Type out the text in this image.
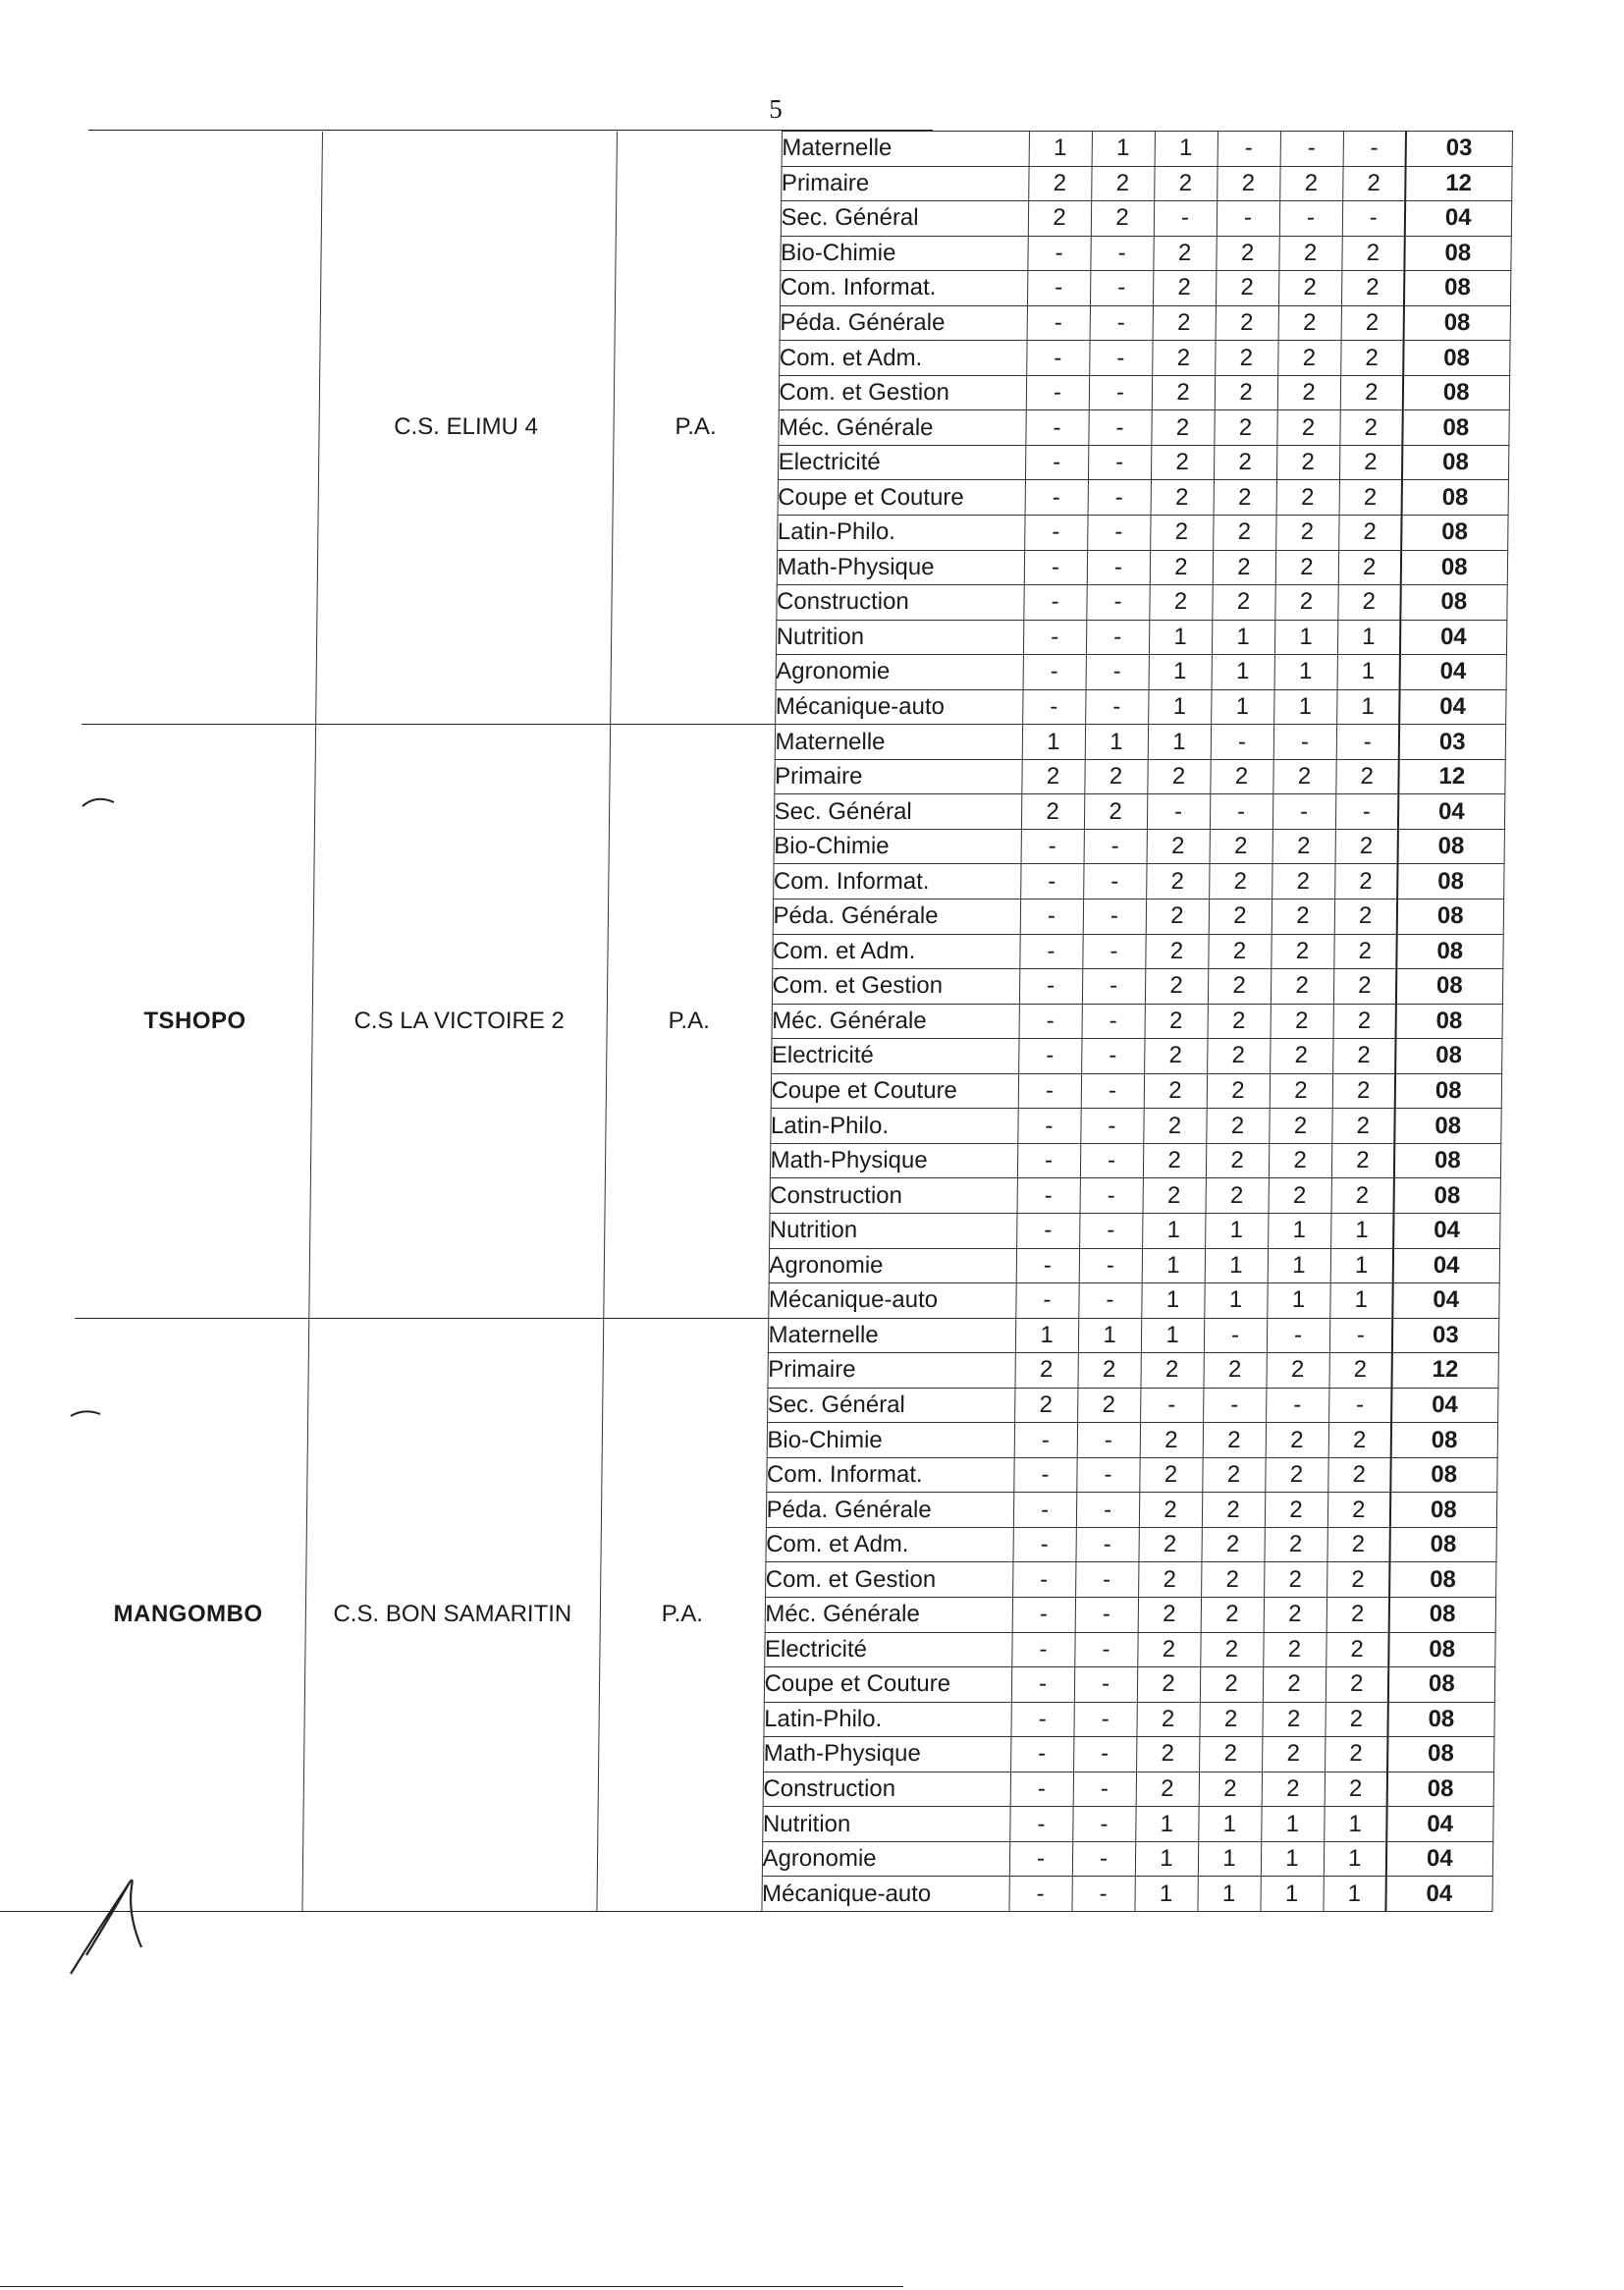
5
	C.S. ELIMU 4	P.A.	Maternelle	1	1	1	-	-	-	03
			Primaire	2	2	2	2	2	2	12
			Sec. Général	2	2	-	-	-	-	04
			Bio-Chimie	-	-	2	2	2	2	08
			Com. Informat.	-	-	2	2	2	2	08
			Péda. Générale	-	-	2	2	2	2	08
			Com. et Adm.	-	-	2	2	2	2	08
			Com. et Gestion	-	-	2	2	2	2	08
			Méc. Générale	-	-	2	2	2	2	08
			Electricité	-	-	2	2	2	2	08
			Coupe et Couture	-	-	2	2	2	2	08
			Latin-Philo.	-	-	2	2	2	2	08
			Math-Physique	-	-	2	2	2	2	08
			Construction	-	-	2	2	2	2	08
			Nutrition	-	-	1	1	1	1	04
			Agronomie	-	-	1	1	1	1	04
			Mécanique-auto	-	-	1	1	1	1	04
TSHOPO	C.S LA VICTOIRE 2	P.A.	Maternelle	1	1	1	-	-	-	03
			Primaire	2	2	2	2	2	2	12
			Sec. Général	2	2	-	-	-	-	04
			Bio-Chimie	-	-	2	2	2	2	08
			Com. Informat.	-	-	2	2	2	2	08
			Péda. Générale	-	-	2	2	2	2	08
			Com. et Adm.	-	-	2	2	2	2	08
			Com. et Gestion	-	-	2	2	2	2	08
			Méc. Générale	-	-	2	2	2	2	08
			Electricité	-	-	2	2	2	2	08
			Coupe et Couture	-	-	2	2	2	2	08
			Latin-Philo.	-	-	2	2	2	2	08
			Math-Physique	-	-	2	2	2	2	08
			Construction	-	-	2	2	2	2	08
			Nutrition	-	-	1	1	1	1	04
			Agronomie	-	-	1	1	1	1	04
			Mécanique-auto	-	-	1	1	1	1	04
MANGOMBO	C.S. BON SAMARITIN	P.A.	Maternelle	1	1	1	-	-	-	03
			Primaire	2	2	2	2	2	2	12
			Sec. Général	2	2	-	-	-	-	04
			Bio-Chimie	-	-	2	2	2	2	08
			Com. Informat.	-	-	2	2	2	2	08
			Péda. Générale	-	-	2	2	2	2	08
			Com. et Adm.	-	-	2	2	2	2	08
			Com. et Gestion	-	-	2	2	2	2	08
			Méc. Générale	-	-	2	2	2	2	08
			Electricité	-	-	2	2	2	2	08
			Coupe et Couture	-	-	2	2	2	2	08
			Latin-Philo.	-	-	2	2	2	2	08
			Math-Physique	-	-	2	2	2	2	08
			Construction	-	-	2	2	2	2	08
			Nutrition	-	-	1	1	1	1	04
			Agronomie	-	-	1	1	1	1	04
			Mécanique-auto	-	-	1	1	1	1	04
